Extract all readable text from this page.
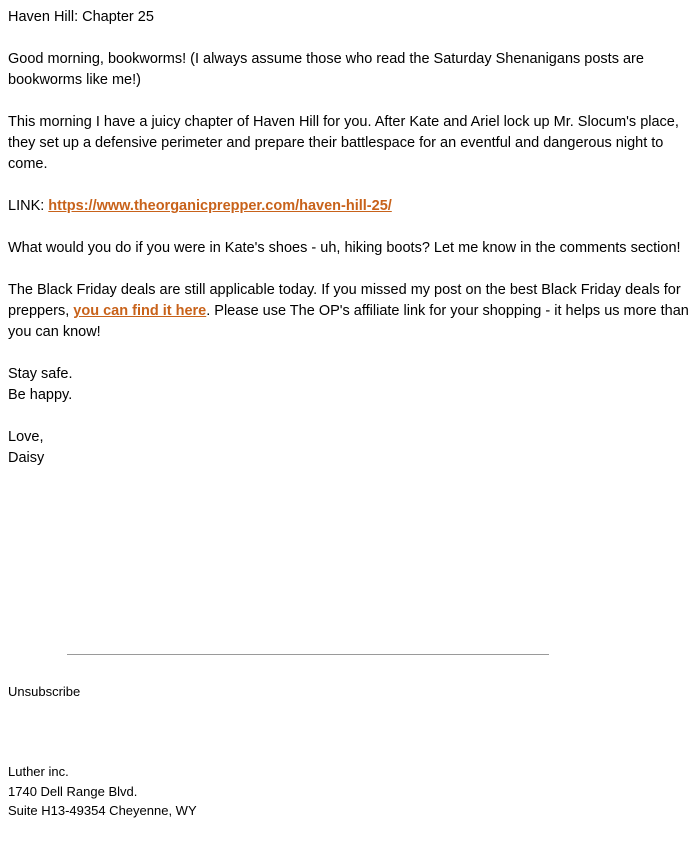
Haven Hill: Chapter 25

Good morning, bookworms! (I always assume those who read the Saturday Shenanigans posts are bookworms like me!)

This morning I have a juicy chapter of Haven Hill for you. After Kate and Ariel lock up Mr. Slocum's place, they set up a defensive perimeter and prepare their battlespace for an eventful and dangerous night to come.

LINK: https://www.theorganicprepper.com/haven-hill-25/

What would you do if you were in Kate's shoes - uh, hiking boots? Let me know in the comments section!

The Black Friday deals are still applicable today. If you missed my post on the best Black Friday deals for preppers, you can find it here. Please use The OP's affiliate link for your shopping - it helps us more than you can know!

Stay safe.
Be happy.

Love,
Daisy

Unsubscribe
Luther inc.
1740 Dell Range Blvd.
Suite H13-49354 Cheyenne, WY
